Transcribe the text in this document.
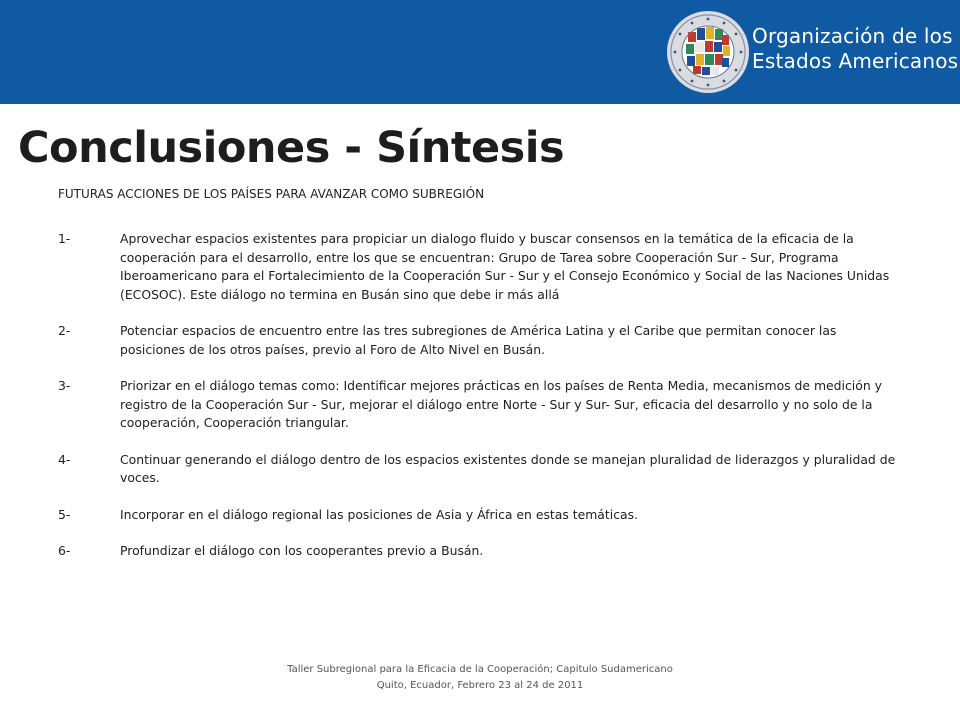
Organización de los
Estados Americanos
Conclusiones - Síntesis
FUTURAS ACCIONES DE LOS PAÍSES PARA AVANZAR COMO SUBREGIÓN
1-	Aprovechar espacios existentes para propiciar un dialogo fluido y buscar consensos en la temática de la eficacia de la cooperación para el desarrollo, entre los que se encuentran: Grupo de Tarea sobre Cooperación Sur - Sur, Programa Iberoamericano para el Fortalecimiento de la Cooperación Sur - Sur y el Consejo Económico y Social de las Naciones Unidas (ECOSOC). Este diálogo no termina en Busán sino que debe ir más allá
2-	Potenciar espacios de encuentro entre las tres subregiones de América Latina y el Caribe que permitan conocer las posiciones de los otros países, previo al Foro de Alto Nivel en Busán.
3-	Priorizar en el diálogo temas como: Identificar mejores prácticas en los países de Renta Media, mecanismos de medición y registro de la Cooperación Sur - Sur, mejorar el diálogo entre Norte - Sur y Sur- Sur, eficacia del desarrollo y no solo de la cooperación, Cooperación triangular.
4-	Continuar generando el diálogo dentro de los espacios existentes donde se manejan pluralidad de liderazgos y pluralidad de voces.
5-	Incorporar en el diálogo regional las posiciones de Asia y África en estas temáticas.
6-	Profundizar el diálogo con los cooperantes previo a Busán.
Taller Subregional para la Eficacia de la Cooperación; Capitulo Sudamericano
Quito, Ecuador, Febrero 23 al 24 de 2011
